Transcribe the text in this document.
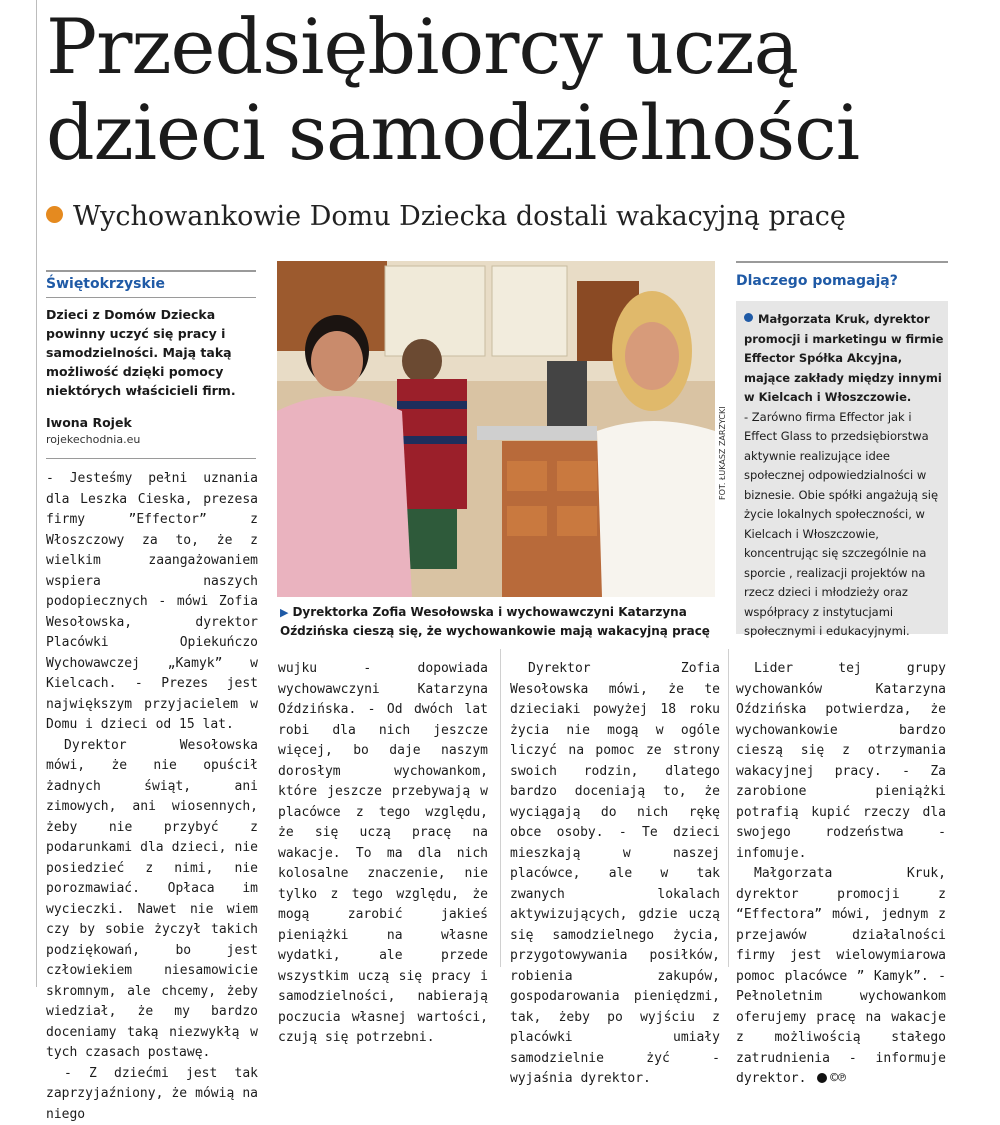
Przedsiębiorcy uczą dzieci samodzielności
Wychowankowie Domu Dziecka dostali wakacyjną pracę
Świętokrzyskie
Dzieci z Domów Dziecka powinny uczyć się pracy i samodzielności. Mają taką możliwość dzięki pomocy niektórych właścicieli firm.
Iwona Rojek
rojekechodnia.eu

- Jesteśmy pełni uznania dla Leszka Cieska, prezesa firmy ”Effector” z Włoszczowy za to, że z wielkim zaangażowaniem wspiera naszych podopiecznych - mówi Zofia Wesołowska, dyrektor Placówki Opiekuńczo Wychowawczej „Kamyk” w Kielcach. - Prezes jest największym przyjacielem w Domu i dzieci od 15 lat.

Dyrektor Wesołowska mówi, że nie opuścił żadnych świąt, ani zimowych, ani wiosennych, żeby nie przybyć z podarunkami dla dzieci, nie posiedzieć z nimi, nie porozmawiać. Opłaca im wycieczki. Nawet nie wiem czy by sobie życzył takich podziękowań, bo jest człowiekiem niesamowicie skromnym, ale chcemy, żeby wiedział, że my bardzo doceniamy taką niezwykłą w tych czasach postawę.

- Z dziećmi jest tak zaprzyjaźniony, że mówią na niego

FOT. ŁUKASZ ZARZYCKI
▶ Dyrektorka Zofia Wesołowska i wychowawczyni Katarzyna Oździńska cieszą się, że wychowankowie mają wakacyjną pracę
Dlaczego pomagają?
Małgorzata Kruk, dyrektor promocji i marketingu w firmie Effector Spółka Akcyjna, mające zakłady między innymi w Kielcach i Włoszczowie.
- Zarówno firma Effector jak i Effect Glass to przedsiębiorstwa aktywnie realizujące idee społecznej odpowiedzialności w biznesie. Obie spółki angażują się życie lokalnych społeczności, w Kielcach i Włoszczowie, koncentrując się szczególnie na sporcie , realizacji projektów na rzecz dzieci i młodzieży oraz współpracy z instytucjami społecznymi i edukacyjnymi.

wujku - dopowiada wychowawczyni Katarzyna Oździńska. - Od dwóch lat robi dla nich jeszcze więcej, bo daje naszym dorosłym wychowankom, które jeszcze przebywają w placówce z tego względu, że się uczą pracę na wakacje. To ma dla nich kolosalne znaczenie, nie tylko z tego względu, że mogą zarobić jakieś pieniążki na własne wydatki, ale przede wszystkim uczą się pracy i samodzielności, nabierają poczucia własnej wartości, czują się potrzebni.

Dyrektor Zofia Wesołowska mówi, że te dzieciaki powyżej 18 roku życia nie mogą w ogóle liczyć na pomoc ze strony swoich rodzin, dlatego bardzo doceniają to, że wyciągają do nich rękę obce osoby. - Te dzieci mieszkają w naszej placówce, ale w tak zwanych lokalach aktywizujących, gdzie uczą się samodzielnego życia, przygotowywania posiłków, robienia zakupów, gospodarowania pieniędzmi, tak, żeby po wyjściu z placówki umiały samodzielnie żyć - wyjaśnia dyrektor.

Lider tej grupy wychowanków Katarzyna Oździńska potwierdza, że wychowankowie bardzo cieszą się z otrzymania wakacyjnej pracy. - Za zarobione pieniążki potrafią kupić rzeczy dla swojego rodzeństwa - infomuje.

Małgorzata Kruk, dyrektor promocji z “Effectora” mówi, jednym z przejawów działalności firmy jest wielowymiarowa pomoc placówce ” Kamyk”. - Pełnoletnim wychowankom oferujemy pracę na wakacje z możliwością stałego zatrudnienia - informuje dyrektor. ©℗
